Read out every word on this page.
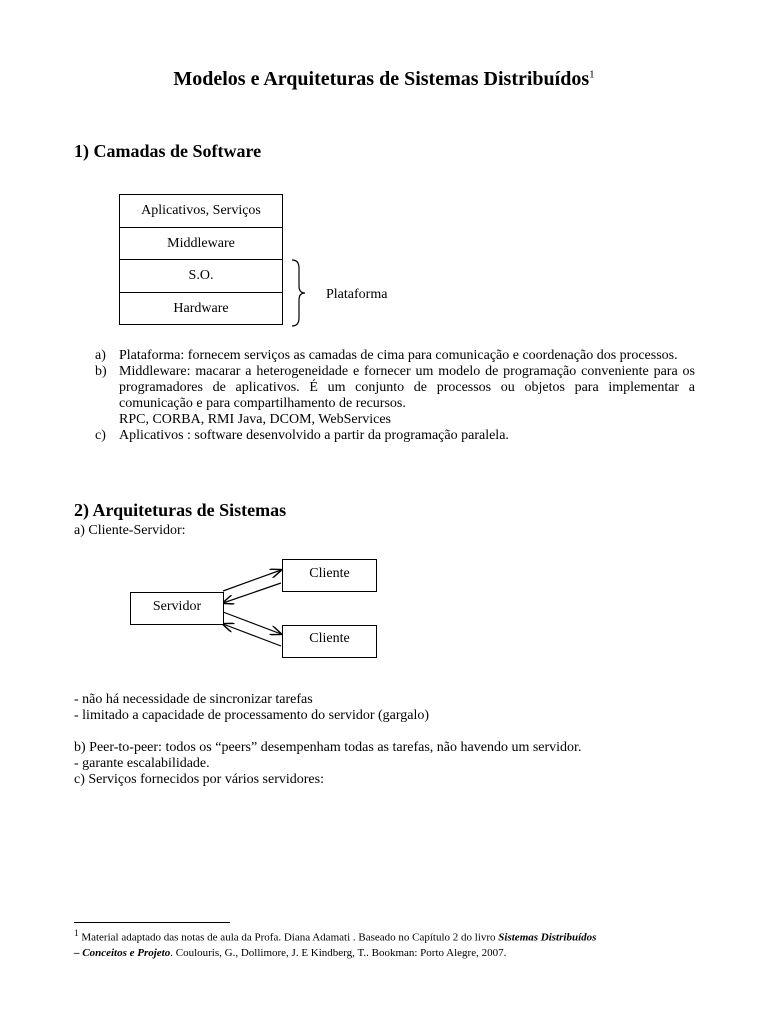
Modelos e Arquiteturas de Sistemas Distribuídos$^1$
1) Camadas de Software
Aplicativos, Serviços
Middleware
S.O.
Hardware
Plataforma
a) Plataforma: fornecem serviços as camadas de cima para comunicação e coordenação dos processos.
b) Middleware: macarar a heterogeneidade e fornecer um modelo de programação conveniente para os programadores de aplicativos. É um conjunto de processos ou objetos para implementar a comunicação e para compartilhamento de recursos.
RPC, CORBA, RMI Java, DCOM, WebServices
c) Aplicativos : software desenvolvido a partir da programação paralela.
2) Arquiteturas de Sistemas
a) Cliente-Servidor:
Servidor
Cliente
Cliente
- não há necessidade de sincronizar tarefas
- limitado a capacidade de processamento do servidor (gargalo)
b) Peer-to-peer: todos os “peers” desempenham todas as tarefas, não havendo um servidor.
- garante escalabilidade.
c) Serviços fornecidos por vários servidores:
$^1$ Material adaptado das notas de aula da Profa. Diana Adamati . Baseado no Capítulo 2 do livro Sistemas Distribuídos
– Conceitos e Projeto. Coulouris, G., Dollimore, J. E Kindberg, T.. Bookman: Porto Alegre, 2007.
